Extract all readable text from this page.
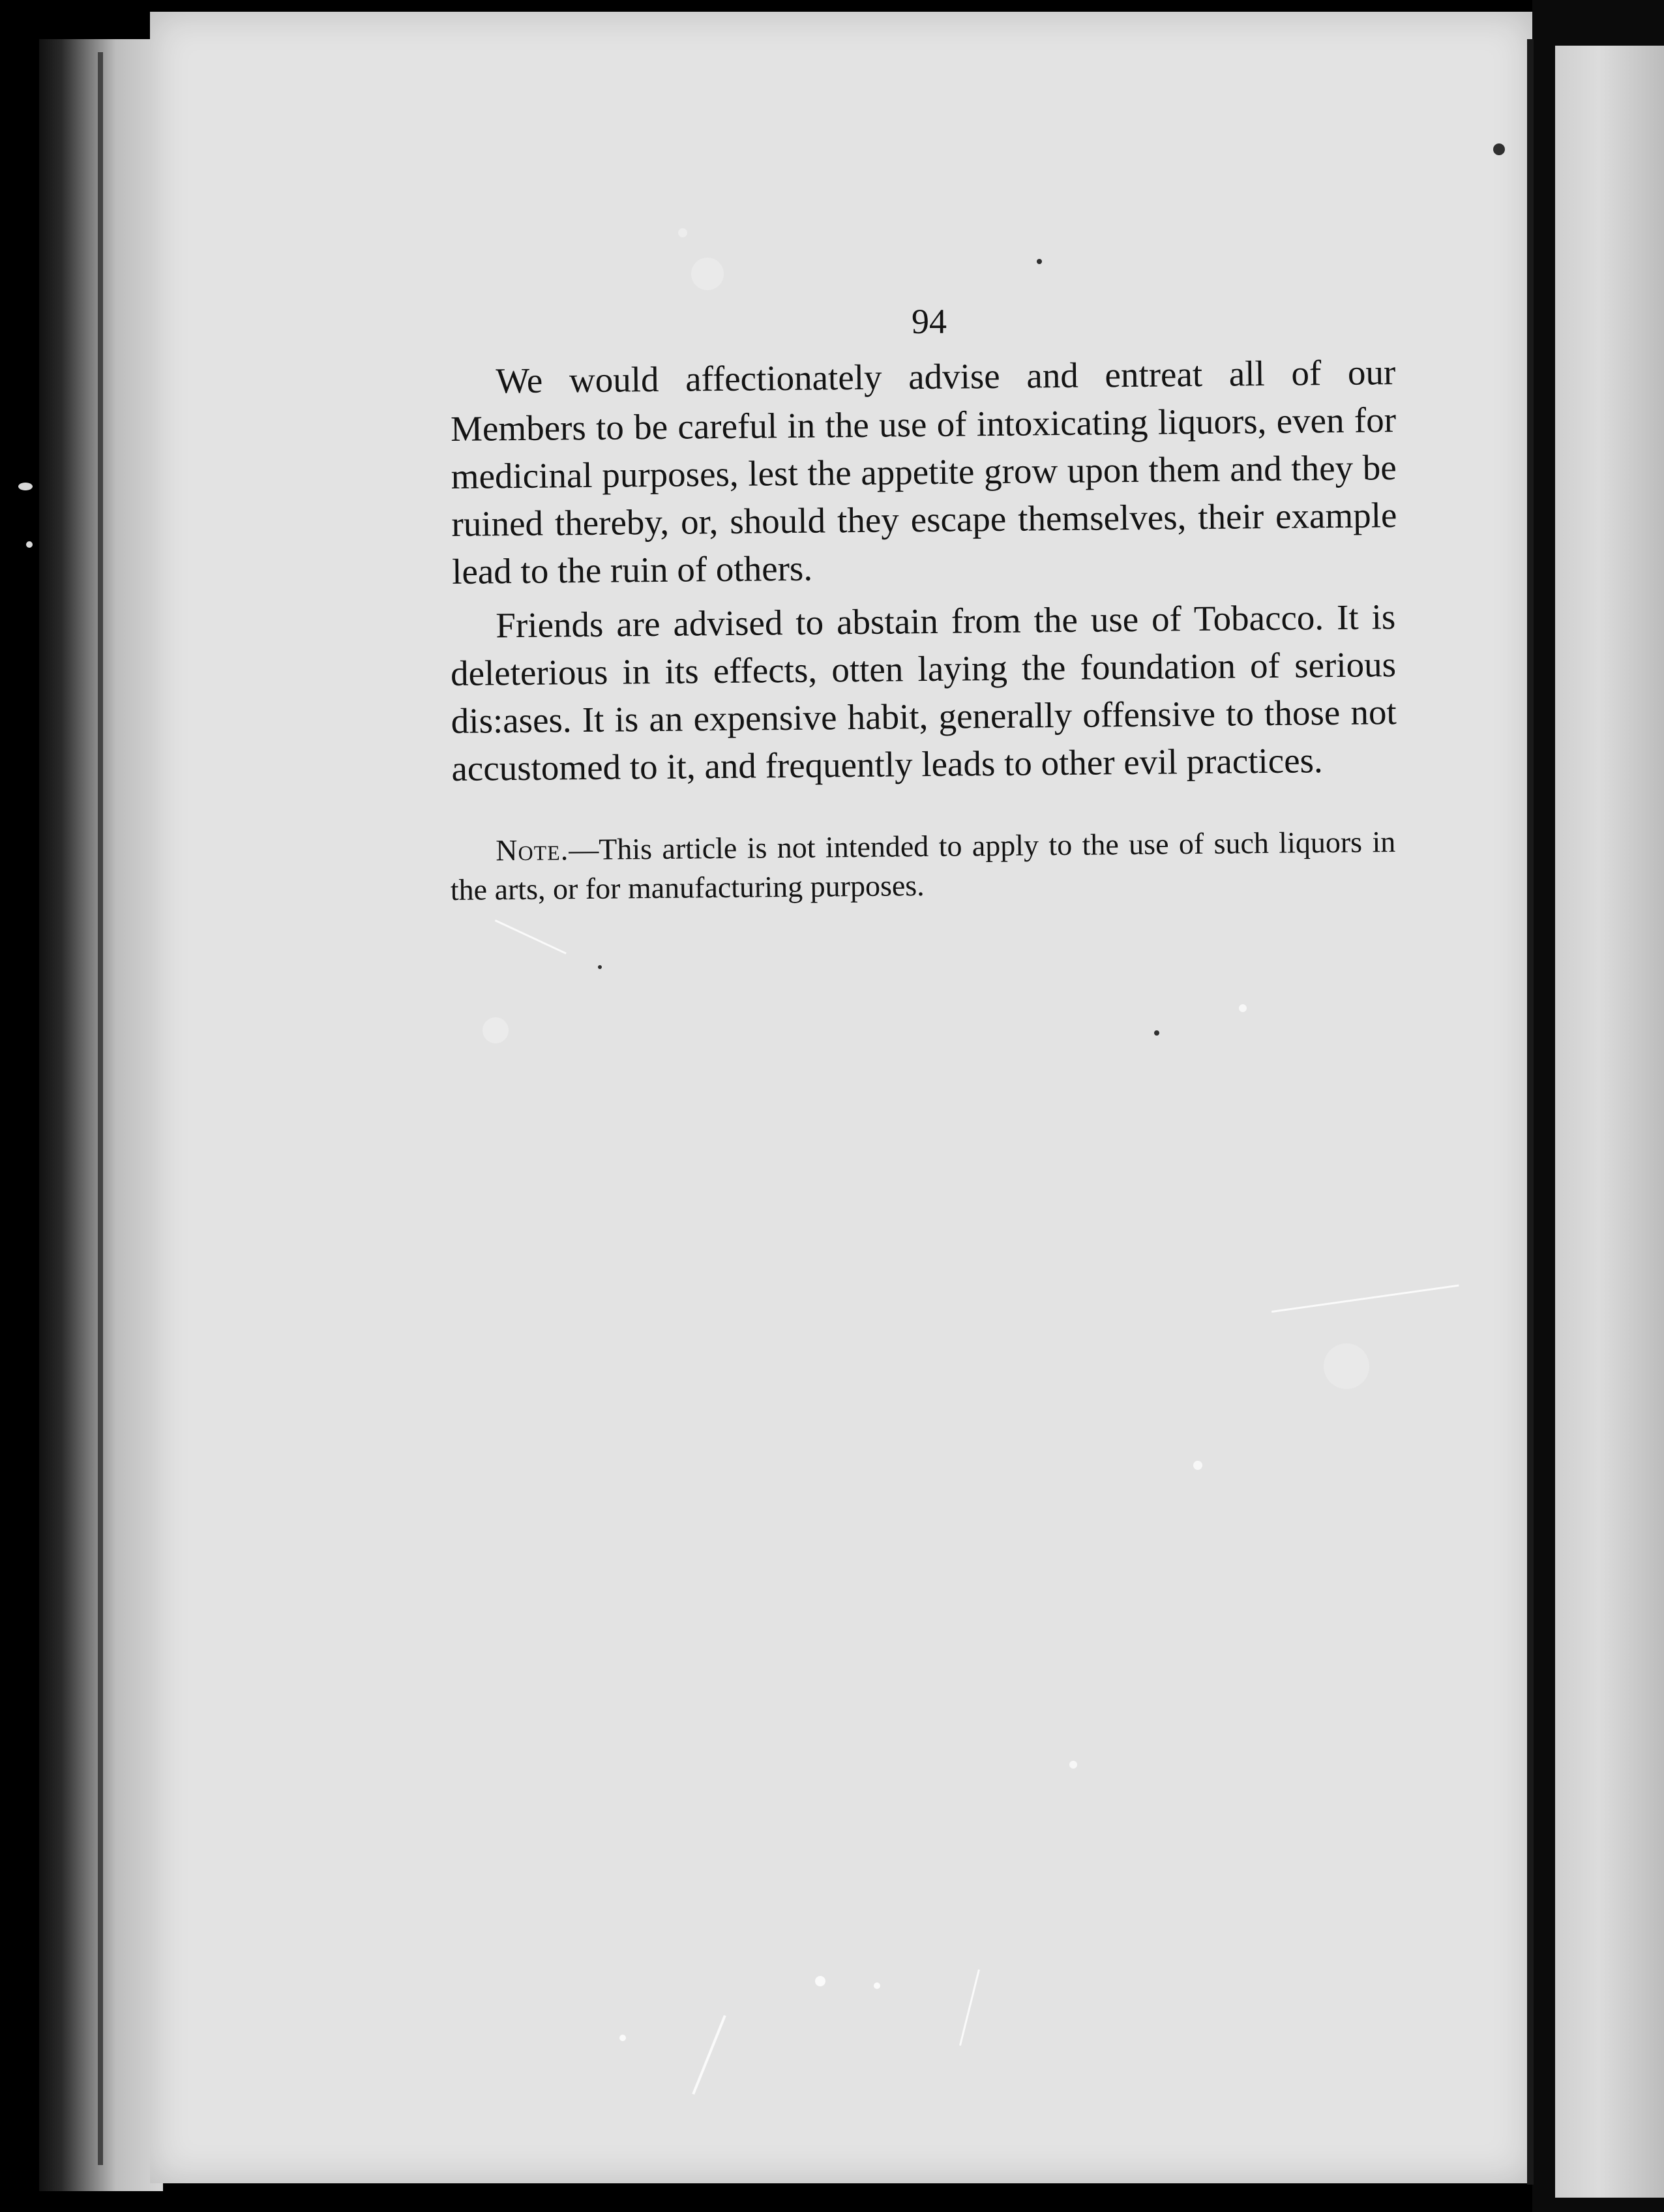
94

We would affectionately advise and entreat all of our Members to be careful in the use of intoxicating liquors, even for medicinal purposes, lest the appetite grow upon them and they be ruined thereby, or, should they escape themselves, their example lead to the ruin of others.

Friends are advised to abstain from the use of Tobacco. It is deleterious in its effects, otten laying the foundation of serious dis:ases. It is an expensive habit, generally offensive to those not accustomed to it, and frequently leads to other evil practices.

Note.—This article is not intended to apply to the use of such liquors in the arts, or for manufacturing purposes.
